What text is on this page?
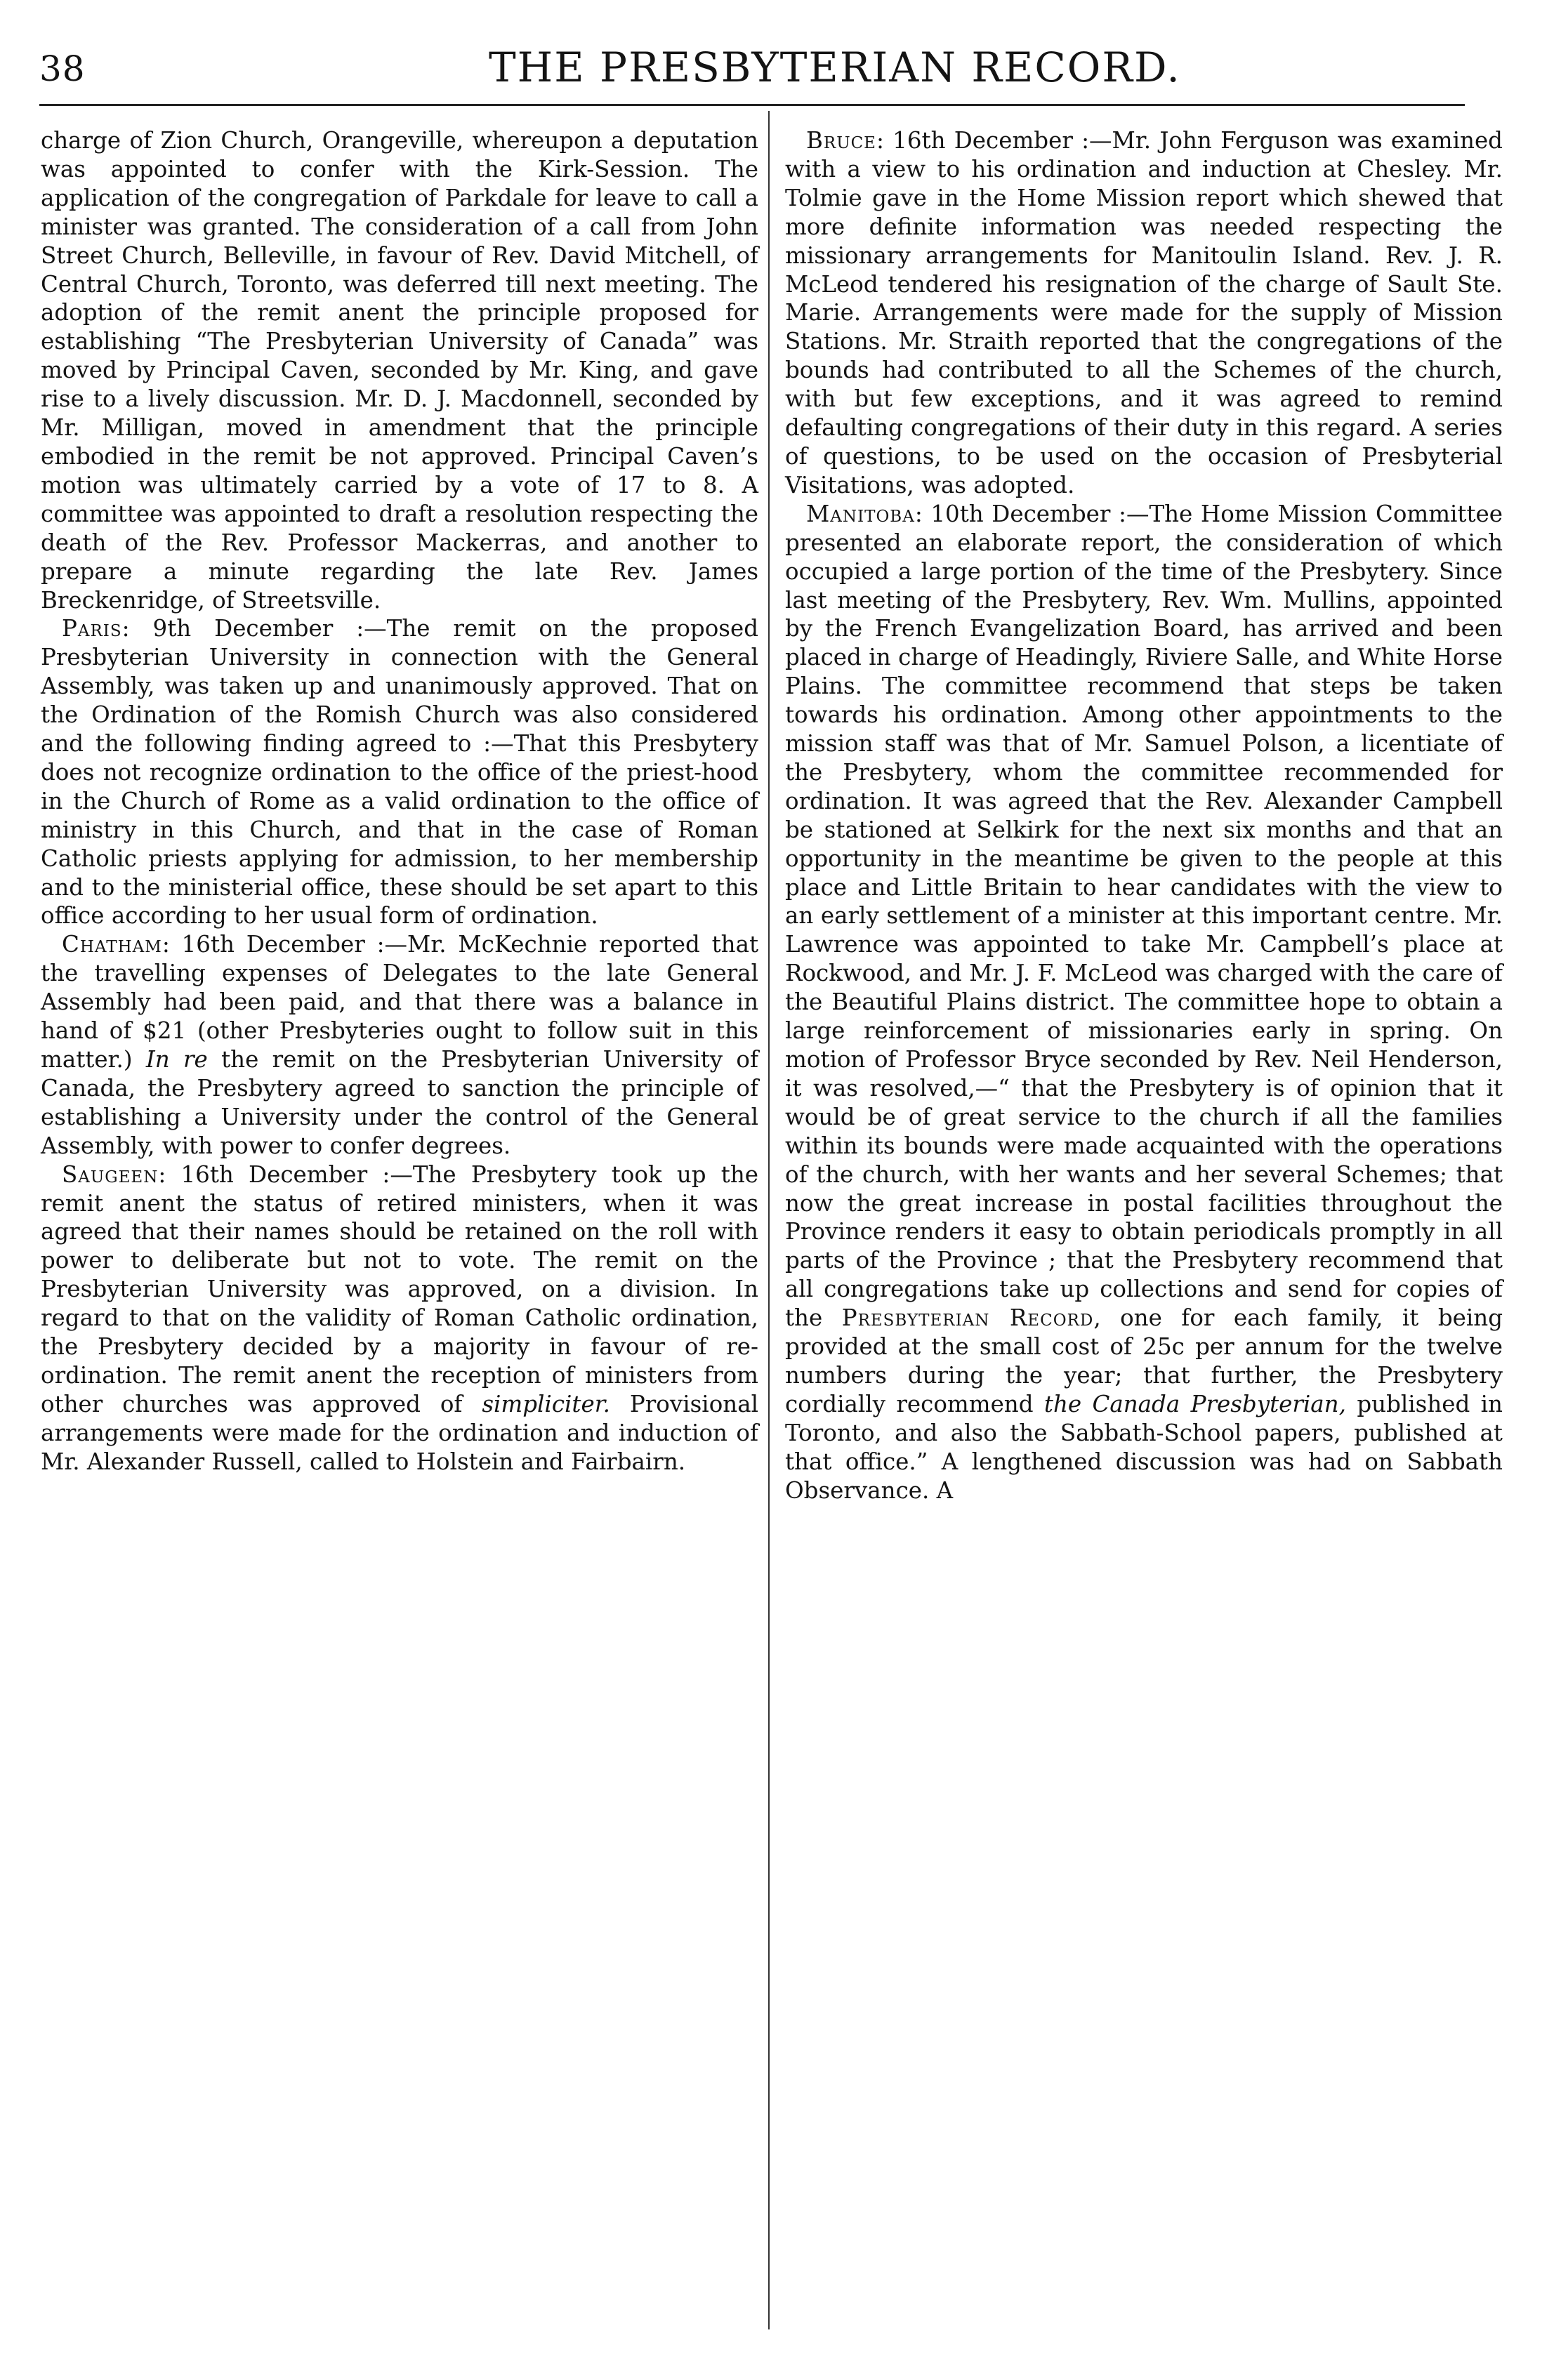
38	THE PRESBYTERIAN RECORD.

charge of Zion Church, Orangeville, whereupon a deputation was appointed to confer with the Kirk-Session. The application of the congregation of Parkdale for leave to call a minister was granted. The consideration of a call from John Street Church, Belleville, in favour of Rev. David Mitchell, of Central Church, Toronto, was deferred till next meeting. The adoption of the remit anent the principle proposed for establishing “The Presbyterian University of Canada” was moved by Principal Caven, seconded by Mr. King, and gave rise to a lively discussion. Mr. D. J. Macdonnell, seconded by Mr. Milligan, moved in amendment that the principle embodied in the remit be not approved. Principal Caven’s motion was ultimately carried by a vote of 17 to 8. A committee was appointed to draft a resolution respecting the death of the Rev. Professor Mackerras, and another to prepare a minute regarding the late Rev. James Breckenridge, of Streetsville.

Paris: 9th December :—The remit on the proposed Presbyterian University in connection with the General Assembly, was taken up and unanimously approved. That on the Ordination of the Romish Church was also considered and the following finding agreed to :—That this Presbytery does not recognize ordination to the office of the priest-hood in the Church of Rome as a valid ordination to the office of ministry in this Church, and that in the case of Roman Catholic priests applying for admission, to her membership and to the ministerial office, these should be set apart to this office according to her usual form of ordination.

Chatham: 16th December :—Mr. McKechnie reported that the travelling expenses of Delegates to the late General Assembly had been paid, and that there was a balance in hand of $21 (other Presbyteries ought to follow suit in this matter.) In re the remit on the Presbyterian University of Canada, the Presbytery agreed to sanction the principle of establishing a University under the control of the General Assembly, with power to confer degrees.

Saugeen: 16th December :—The Presbytery took up the remit anent the status of retired ministers, when it was agreed that their names should be retained on the roll with power to deliberate but not to vote. The remit on the Presbyterian University was approved, on a division. In regard to that on the validity of Roman Catholic ordination, the Presbytery decided by a majority in favour of re-ordination. The remit anent the reception of ministers from other churches was approved of simpliciter. Provisional arrangements were made for the ordination and induction of Mr. Alexander Russell, called to Holstein and Fairbairn.

Bruce: 16th December :—Mr. John Ferguson was examined with a view to his ordination and induction at Chesley. Mr. Tolmie gave in the Home Mission report which shewed that more definite information was needed respecting the missionary arrangements for Manitoulin Island. Rev. J. R. McLeod tendered his resignation of the charge of Sault Ste. Marie. Arrangements were made for the supply of Mission Stations. Mr. Straith reported that the congregations of the bounds had contributed to all the Schemes of the church, with but few exceptions, and it was agreed to remind defaulting congregations of their duty in this regard. A series of questions, to be used on the occasion of Presbyterial Visitations, was adopted.

Manitoba: 10th December :—The Home Mission Committee presented an elaborate report, the consideration of which occupied a large portion of the time of the Presbytery. Since last meeting of the Presbytery, Rev. Wm. Mullins, appointed by the French Evangelization Board, has arrived and been placed in charge of Headingly, Riviere Salle, and White Horse Plains. The committee recommend that steps be taken towards his ordination. Among other appointments to the mission staff was that of Mr. Samuel Polson, a licentiate of the Presbytery, whom the committee recommended for ordination. It was agreed that the Rev. Alexander Campbell be stationed at Selkirk for the next six months and that an opportunity in the meantime be given to the people at this place and Little Britain to hear candidates with the view to an early settlement of a minister at this important centre. Mr. Lawrence was appointed to take Mr. Campbell’s place at Rockwood, and Mr. J. F. McLeod was charged with the care of the Beautiful Plains district. The committee hope to obtain a large reinforcement of missionaries early in spring. On motion of Professor Bryce seconded by Rev. Neil Henderson, it was resolved,—“ that the Presbytery is of opinion that it would be of great service to the church if all the families within its bounds were made acquainted with the operations of the church, with her wants and her several Schemes; that now the great increase in postal facilities throughout the Province renders it easy to obtain periodicals promptly in all parts of the Province ; that the Presbytery recommend that all congregations take up collections and send for copies of the Presbyterian Record, one for each family, it being provided at the small cost of 25c per annum for the twelve numbers during the year; that further, the Presbytery cordially recommend the Canada Presbyterian, published in Toronto, and also the Sabbath-School papers, published at that office.” A lengthened discussion was had on Sabbath Observance. A
